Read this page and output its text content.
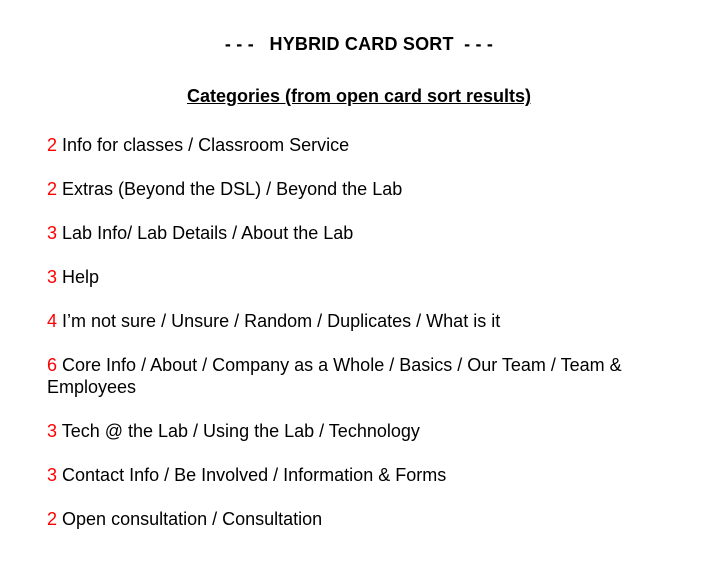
- - -   HYBRID CARD SORT  - - -
Categories (from open card sort results)
2 Info for classes / Classroom Service
2 Extras (Beyond the DSL) / Beyond the Lab
3 Lab Info/ Lab Details / About the Lab
3 Help
4 I’m not sure / Unsure / Random / Duplicates / What is it
6 Core Info / About / Company as a Whole / Basics / Our Team / Team & Employees
3 Tech @ the Lab / Using the Lab / Technology
3 Contact Info / Be Involved / Information & Forms
2 Open consultation / Consultation
